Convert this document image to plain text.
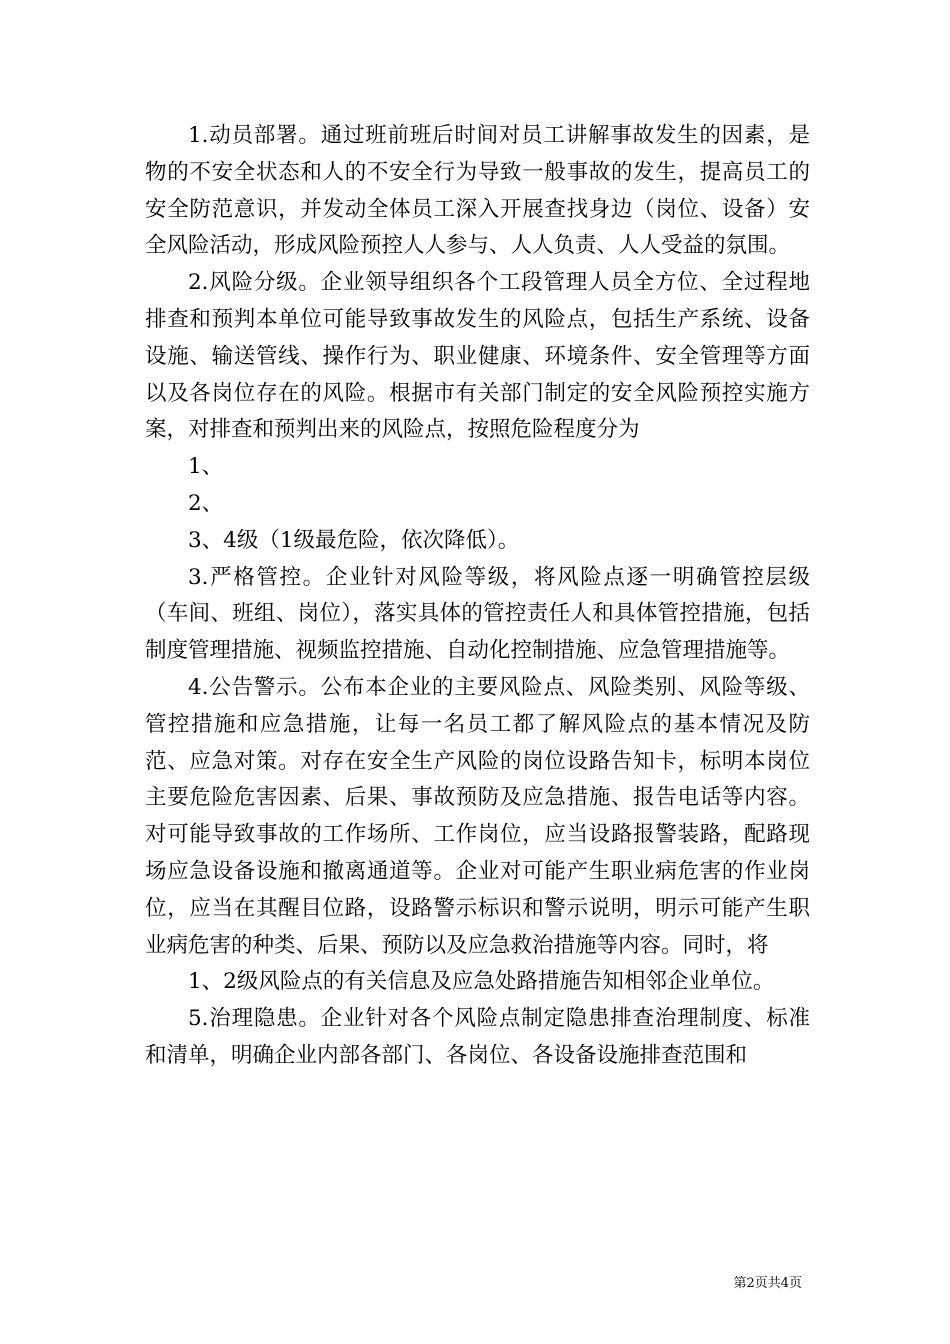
1.动员部署。通过班前班后时间对员工讲解事故发生的因素，是物的不安全状态和人的不安全行为导致一般事故的发生，提高员工的安全防范意识，并发动全体员工深入开展查找身边（岗位、设备）安全风险活动，形成风险预控人人参与、人人负责、人人受益的氛围。

2.风险分级。企业领导组织各个工段管理人员全方位、全过程地排查和预判本单位可能导致事故发生的风险点，包括生产系统、设备设施、输送管线、操作行为、职业健康、环境条件、安全管理等方面以及各岗位存在的风险。根据市有关部门制定的安全风险预控实施方案，对排查和预判出来的风险点，按照危险程度分为

1、

2、

3、4级（1级最危险，依次降低）。

3.严格管控。企业针对风险等级，将风险点逐一明确管控层级（车间、班组、岗位），落实具体的管控责任人和具体管控措施，包括制度管理措施、视频监控措施、自动化控制措施、应急管理措施等。

4.公告警示。公布本企业的主要风险点、风险类别、风险等级、管控措施和应急措施，让每一名员工都了解风险点的基本情况及防范、应急对策。对存在安全生产风险的岗位设路告知卡，标明本岗位主要危险危害因素、后果、事故预防及应急措施、报告电话等内容。对可能导致事故的工作场所、工作岗位，应当设路报警装路，配路现场应急设备设施和撤离通道等。企业对可能产生职业病危害的作业岗位，应当在其醒目位路，设路警示标识和警示说明，明示可能产生职业病危害的种类、后果、预防以及应急救治措施等内容。同时，将

1、2级风险点的有关信息及应急处路措施告知相邻企业单位。

5.治理隐患。企业针对各个风险点制定隐患排查治理制度、标准和清单，明确企业内部各部门、各岗位、各设备设施排查范围和

第2页共4页
